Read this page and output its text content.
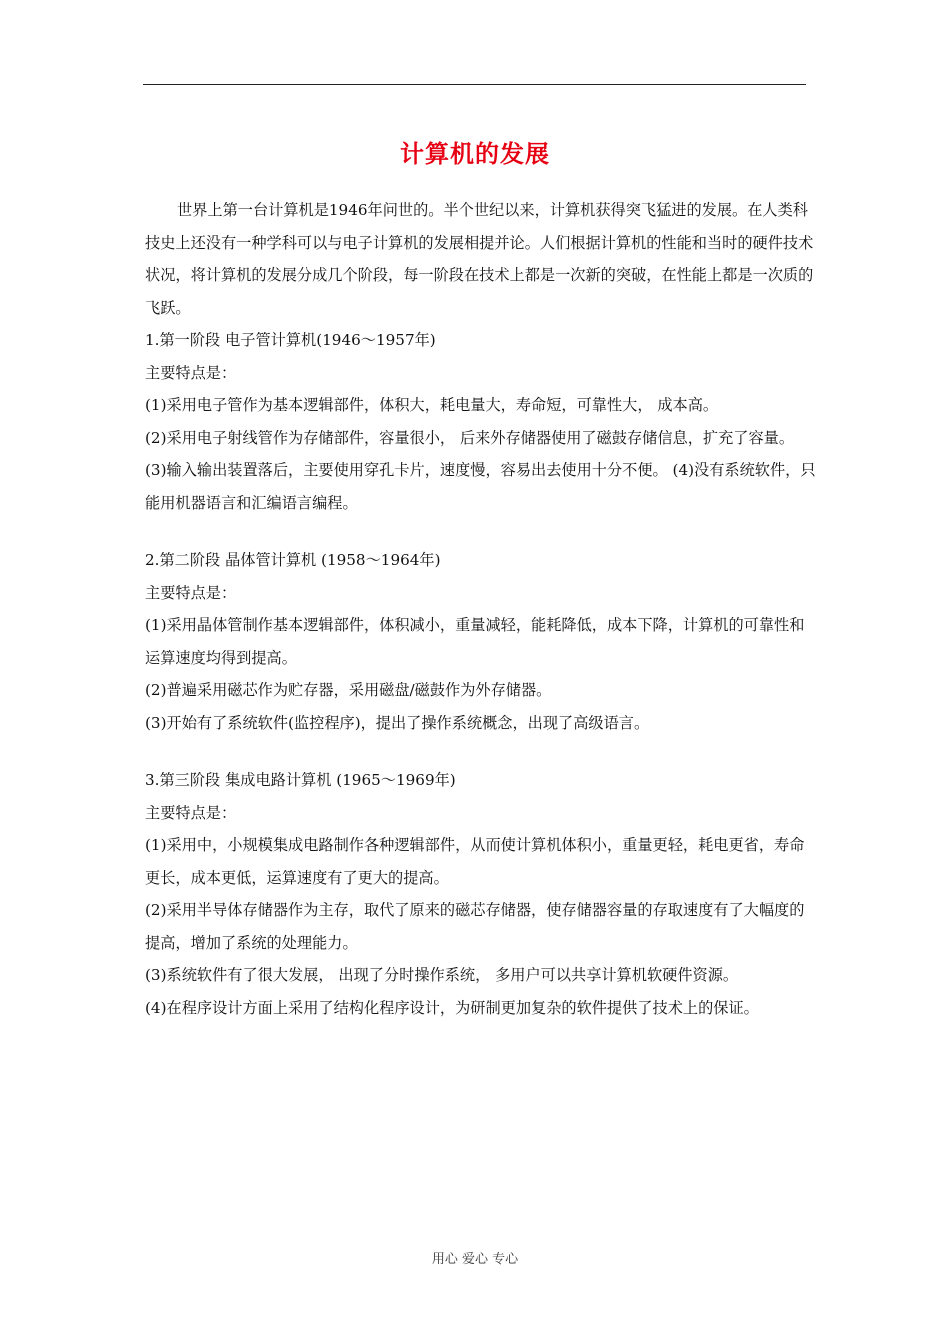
计算机的发展

世界上第一台计算机是1946年问世的。半个世纪以来，计算机获得突飞猛进的发展。在人类科技史上还没有一种学科可以与电子计算机的发展相提并论。人们根据计算机的性能和当时的硬件技术状况，将计算机的发展分成几个阶段，每一阶段在技术上都是一次新的突破，在性能上都是一次质的飞跃。

1.第一阶段 电子管计算机(1946～1957年)

主要特点是：

(1)采用电子管作为基本逻辑部件，体积大，耗电量大，寿命短，可靠性大， 成本高。

(2)采用电子射线管作为存储部件，容量很小， 后来外存储器使用了磁鼓存储信息，扩充了容量。

(3)输入输出装置落后，主要使用穿孔卡片，速度慢，容易出去使用十分不便。 (4)没有系统软件，只能用机器语言和汇编语言编程。

2.第二阶段 晶体管计算机 (1958～1964年)

主要特点是：

(1)采用晶体管制作基本逻辑部件，体积减小，重量减轻，能耗降低，成本下降，计算机的可靠性和运算速度均得到提高。

(2)普遍采用磁芯作为贮存器，采用磁盘/磁鼓作为外存储器。

(3)开始有了系统软件(监控程序)，提出了操作系统概念，出现了高级语言。

3.第三阶段 集成电路计算机 (1965～1969年)

主要特点是：

(1)采用中，小规模集成电路制作各种逻辑部件，从而使计算机体积小，重量更轻，耗电更省，寿命更长，成本更低，运算速度有了更大的提高。

(2)采用半导体存储器作为主存，取代了原来的磁芯存储器，使存储器容量的存取速度有了大幅度的 提高，增加了系统的处理能力。

(3)系统软件有了很大发展， 出现了分时操作系统， 多用户可以共享计算机软硬件资源。

(4)在程序设计方面上采用了结构化程序设计，为研制更加复杂的软件提供了技术上的保证。

用心 爱心 专心
